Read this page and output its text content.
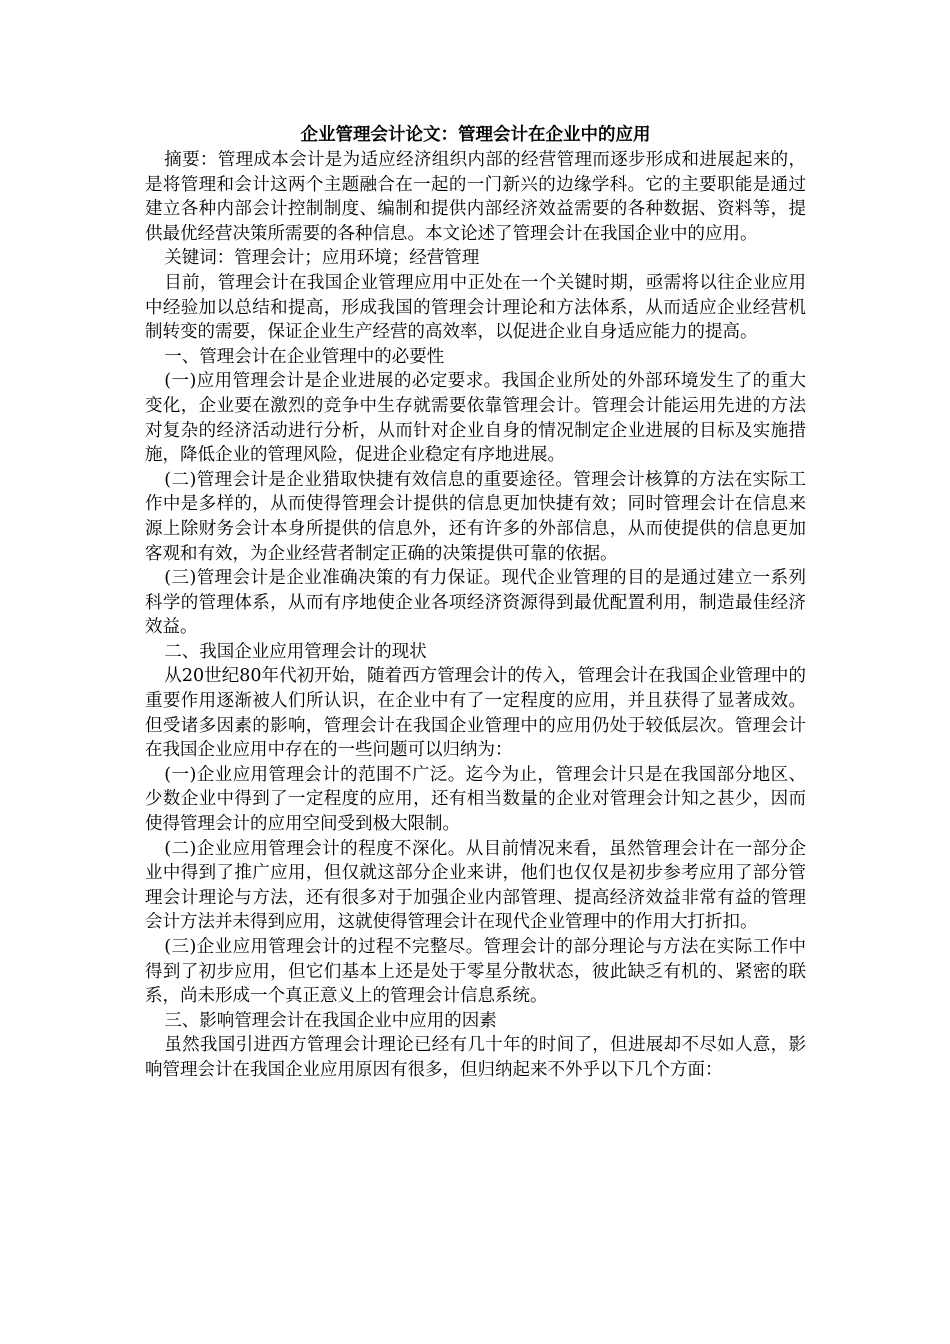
企业管理会计论文：管理会计在企业中的应用

摘要：管理成本会计是为适应经济组织内部的经营管理而逐步形成和进展起来的，是将管理和会计这两个主题融合在一起的一门新兴的边缘学科。它的主要职能是通过建立各种内部会计控制制度、编制和提供内部经济效益需要的各种数据、资料等，提供最优经营决策所需要的各种信息。本文论述了管理会计在我国企业中的应用。

关键词：管理会计；应用环境；经营管理

目前，管理会计在我国企业管理应用中正处在一个关键时期，亟需将以往企业应用中经验加以总结和提高，形成我国的管理会计理论和方法体系，从而适应企业经营机制转变的需要，保证企业生产经营的高效率，以促进企业自身适应能力的提高。

一、管理会计在企业管理中的必要性

(一)应用管理会计是企业进展的必定要求。我国企业所处的外部环境发生了的重大变化，企业要在激烈的竞争中生存就需要依靠管理会计。管理会计能运用先进的方法对复杂的经济活动进行分析，从而针对企业自身的情况制定企业进展的目标及实施措施，降低企业的管理风险，促进企业稳定有序地进展。

(二)管理会计是企业猎取快捷有效信息的重要途径。管理会计核算的方法在实际工作中是多样的，从而使得管理会计提供的信息更加快捷有效；同时管理会计在信息来源上除财务会计本身所提供的信息外，还有许多的外部信息，从而使提供的信息更加客观和有效，为企业经营者制定正确的决策提供可靠的依据。

(三)管理会计是企业准确决策的有力保证。现代企业管理的目的是通过建立一系列科学的管理体系，从而有序地使企业各项经济资源得到最优配置利用，制造最佳经济效益。

二、我国企业应用管理会计的现状

从20世纪80年代初开始，随着西方管理会计的传入，管理会计在我国企业管理中的重要作用逐渐被人们所认识，在企业中有了一定程度的应用，并且获得了显著成效。但受诸多因素的影响，管理会计在我国企业管理中的应用仍处于较低层次。管理会计在我国企业应用中存在的一些问题可以归纳为：

(一)企业应用管理会计的范围不广泛。迄今为止，管理会计只是在我国部分地区、少数企业中得到了一定程度的应用，还有相当数量的企业对管理会计知之甚少，因而使得管理会计的应用空间受到极大限制。

(二)企业应用管理会计的程度不深化。从目前情况来看，虽然管理会计在一部分企业中得到了推广应用，但仅就这部分企业来讲，他们也仅仅是初步参考应用了部分管理会计理论与方法，还有很多对于加强企业内部管理、提高经济效益非常有益的管理会计方法并未得到应用，这就使得管理会计在现代企业管理中的作用大打折扣。

(三)企业应用管理会计的过程不完整尽。管理会计的部分理论与方法在实际工作中得到了初步应用，但它们基本上还是处于零星分散状态，彼此缺乏有机的、紧密的联系，尚未形成一个真正意义上的管理会计信息系统。

三、影响管理会计在我国企业中应用的因素

虽然我国引进西方管理会计理论已经有几十年的时间了，但进展却不尽如人意，影响管理会计在我国企业应用原因有很多，但归纳起来不外乎以下几个方面：
